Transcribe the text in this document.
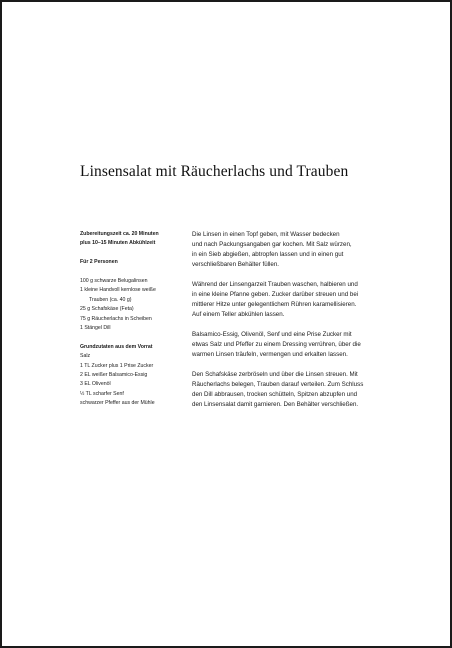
Linsensalat mit Räucherlachs und Trauben
Zubereitungszeit ca. 20 Minuten
plus 10–15 Minuten Abkühlzeit
Für 2 Personen
100 g schwarze Belugalinsen
1 kleine Handvoll kernlose weiße
Trauben (ca. 40 g)
25 g Schafskäse (Feta)
75 g Räucherlachs in Scheiben
1 Stängel Dill
Grundzutaten aus dem Vorrat
Salz
1 TL Zucker plus 1 Prise Zucker
2 EL weißer Balsamico-Essig
3 EL Olivenöl
½ TL scharfer Senf
schwarzer Pfeffer aus der Mühle

Die Linsen in einen Topf geben, mit Wasser bedecken
und nach Packungsangaben gar kochen. Mit Salz würzen,
in ein Sieb abgießen, abtropfen lassen und in einen gut
verschließbaren Behälter füllen.

Während der Linsengarzeit Trauben waschen, halbieren und
in eine kleine Pfanne geben. Zucker darüber streuen und bei
mittlerer Hitze unter gelegentlichem Rühren karamellisieren.
Auf einem Teller abkühlen lassen.

Balsamico-Essig, Olivenöl, Senf und eine Prise Zucker mit
etwas Salz und Pfeffer zu einem Dressing verrühren, über die
warmen Linsen träufeln, vermengen und erkalten lassen.

Den Schafskäse zerbröseln und über die Linsen streuen. Mit
Räucherlachs belegen, Trauben darauf verteilen. Zum Schluss
den Dill abbrausen, trocken schütteln, Spitzen abzupfen und
den Linsensalat damit garnieren. Den Behälter verschließen.
